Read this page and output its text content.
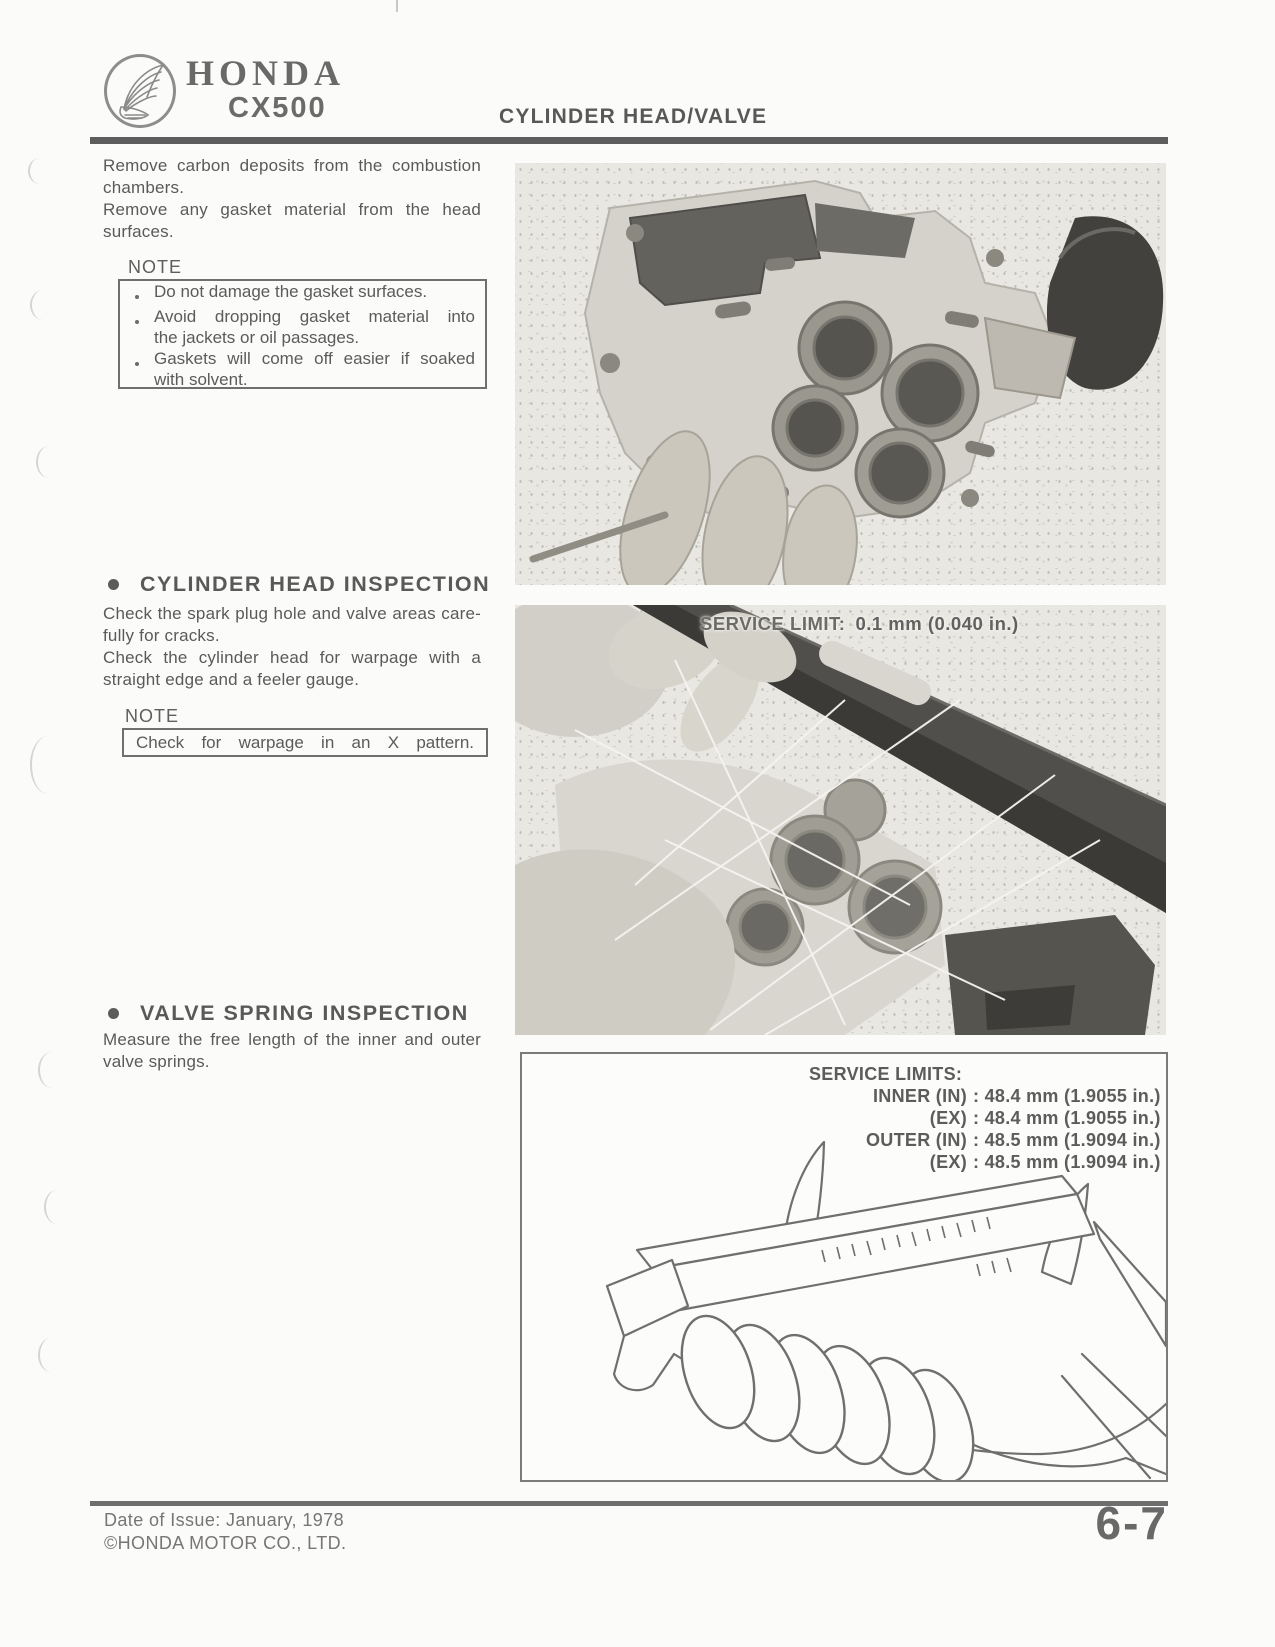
HONDA
CX500	CYLINDER HEAD/VALVE
Remove carbon deposits from the combustion
chambers.
Remove any gasket material from the head
surfaces.
NOTE
Do not damage the gasket surfaces.
Avoid dropping gasket material into
the jackets or oil passages.
Gaskets will come off easier if soaked
with solvent.
CYLINDER HEAD INSPECTION
Check the spark plug hole and valve areas care-
fully for cracks.
Check the cylinder head for warpage with a
straight edge and a feeler gauge.
NOTE
Check for warpage in an X pattern.
VALVE SPRING INSPECTION
Measure the free length of the inner and outer
valve springs.
SERVICE LIMIT: 0.1 mm (0.040 in.)
SERVICE LIMITS:
INNER (IN) : 48.4 mm (1.9055 in.)
(EX) : 48.4 mm (1.9055 in.)
OUTER (IN) : 48.5 mm (1.9094 in.)
(EX) : 48.5 mm (1.9094 in.)
Date of Issue: January, 1978
©HONDA MOTOR CO., LTD.	6-7
